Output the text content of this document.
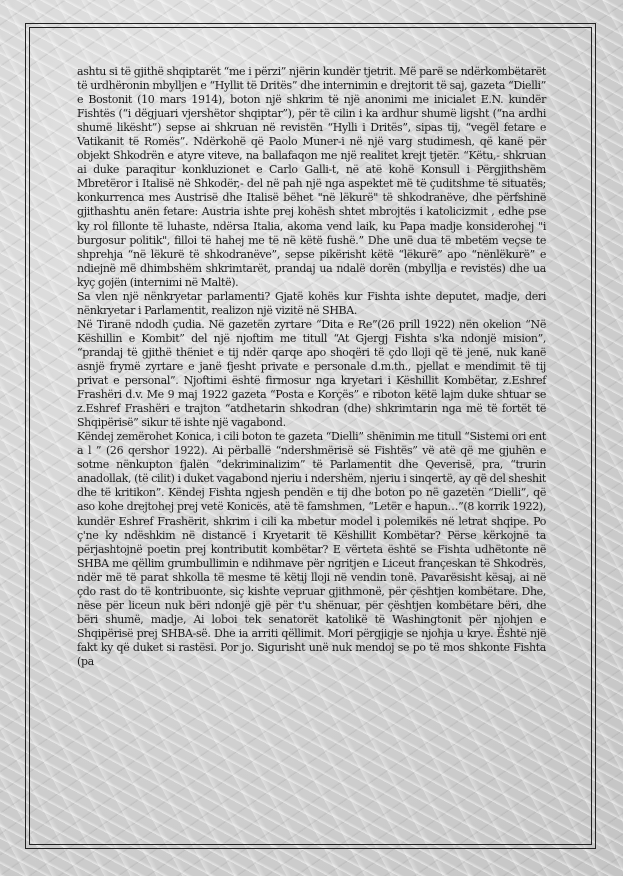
ashtu si të gjithë shqiptarët “me i përzi” njërin kundër tjetrit. Më parë se ndërkombëtarët të urdhëronin mbylljen e “Hyllit të Dritës” dhe internimin e drejtorit të saj, gazeta “Dielli” e Bostonit (10 mars 1914), boton një shkrim të një anonimi me inicialet E.N. kundër Fishtës (“i dëgjuari vjershëtor shqiptar”), për të cilin i ka ardhur shumë ligsht (“na ardhi shumë likësht”) sepse ai shkruan në revistën “Hylli i Dritës”, sipas tij, “vegël fetare e Vatikanit të Romës”. Ndërkohë që Paolo Muner-i në një varg studimesh, që kanë për objekt Shkodrën e atyre viteve, na ballafaqon me një realitet krejt tjetër. “Këtu,- shkruan ai duke paraqitur konkluzionet e Carlo Galli-t, në atë kohë Konsull i Përgjithshëm Mbretëror i Italisë në Shkodër,- del në pah një nga aspektet më të çuditshme të situatës; konkurrenca mes Austrisë dhe Italisë bëhet "në lëkurë" të shkodranëve, dhe përfshinë gjithashtu anën fetare: Austria ishte prej kohësh shtet mbrojtës i katolicizmit , edhe pse ky rol fillonte të luhaste, ndërsa Italia, akoma vend laik, ku Papa madje konsiderohej "i burgosur politik", filloi të hahej me të në këtë fushë.” Dhe unë dua të mbetëm veçse te shprehja “në lëkurë të shkodranëve”, sepse pikërisht këtë “lëkurë” apo “nënlëkurë” e ndiejnë më dhimbshëm shkrimtarët, prandaj ua ndalë dorën (mbyllja e revistës) dhe ua kyç gojën (internimi në Maltë).

Sa vlen një nënkryetar parlamenti? Gjatë kohës kur Fishta ishte deputet, madje, deri nënkryetar i Parlamentit, realizon një vizitë në SHBA.

Në Tiranë ndodh çudia. Në gazetën zyrtare “Dita e Re”(26 prill 1922) nën okelion “Në Këshillin e Kombit” del një njoftim me titull “At Gjergj Fishta s'ka ndonjë mision”, “prandaj të gjithë thëniet e tij ndër qarqe apo shoqëri të çdo lloji që të jenë, nuk kanë asnjë frymë zyrtare e janë fjesht private e personale d.m.th., pjellat e mendimit të tij privat e personal”. Njoftimi është firmosur nga kryetari i Këshillit Kombëtar, z.Eshref Frashëri d.v. Me 9 maj 1922 gazeta “Posta e Korçës” e riboton këtë lajm duke shtuar se z.Eshref Frashëri e trajton “atdhetarin shkodran (dhe) shkrimtarin nga më të fortët të Shqipërisë” sikur të ishte një vagabond.

Këndej zemërohet Konica, i cili boton te gazeta “Dielli” shënimin me titull “Sistemi ori ent a l ” (26 qershor 1922). Ai përballë “ndershmërisë së Fishtës” vë atë që me gjuhën e sotme nënkupton fjalën “dekriminalizim” të Parlamentit dhe Qeverisë, pra, “trurin anadollak, (të cilit) i duket vagabond njeriu i ndershëm, njeriu i sinqertë, ay që del sheshit dhe të kritikon”. Këndej Fishta ngjesh pendën e tij dhe boton po në gazetën “Dielli”, që aso kohe drejtohej prej vetë Konicës, atë të famshmen, “Letër e hapun…”(8 korrik 1922), kundër Eshref Frashërit, shkrim i cili ka mbetur model i polemikës në letrat shqipe. Po ç'ne ky ndëshkim në distancë i Kryetarit të Këshillit Kombëtar? Përse kërkojnë ta përjashtojnë poetin prej kontributit kombëtar? E vërteta është se Fishta udhëtonte në SHBA me qëllim grumbullimin e ndihmave për ngritjen e Liceut françeskan të Shkodrës, ndër më të parat shkolla të mesme të këtij lloji në vendin tonë. Pavarësisht kësaj, ai në çdo rast do të kontribuonte, siç kishte vepruar gjithmonë, për çështjen kombëtare. Dhe, nëse për liceun nuk bëri ndonjë gjë për t'u shënuar, për çështjen kombëtare bëri, dhe bëri shumë, madje, Ai loboi tek senatorët katolikë të Washingtonit për njohjen e Shqipërisë prej SHBA-së. Dhe ia arriti qëllimit. Mori përgjigje se njohja u krye. Është një fakt ky që duket si rastësi. Por jo. Sigurisht unë nuk mendoj se po të mos shkonte Fishta (pa
